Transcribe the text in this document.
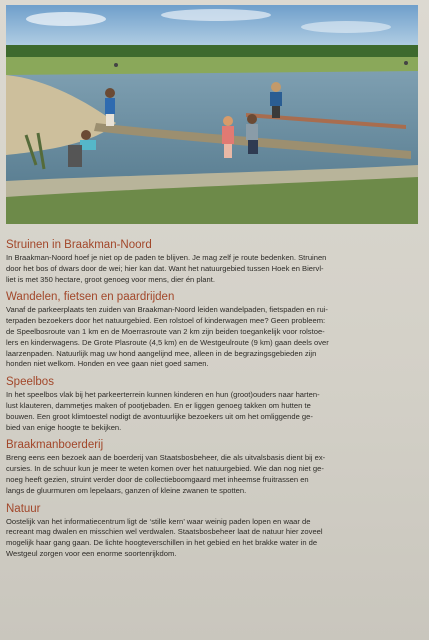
Struinen in Braakman-Noord

In Braakman-Noord hoef je niet op de paden te blijven. Je mag zelf je route bedenken. Struinen
door het bos of dwars door de wei; hier kan dat. Want het natuurgebied tussen Hoek en Biervl-
liet is met 350 hectare, groot genoeg voor mens, dier én plant.

Wandelen, fietsen en paardrijden

Vanaf de parkeerplaats ten zuiden van Braakman-Noord leiden wandelpaden, fietspaden en rui-
terpaden bezoekers door het natuurgebied. Een rolstoel of kinderwagen mee? Geen probleem:
de Speelbosroute van 1 km en de Moerrasroute van 2 km zijn beiden toegankelijk voor rolstoe-
lers en kinderwagens. De Grote Plasroute (4,5 km) en de Westgeulroute (9 km) gaan deels over
laarzenpaden. Natuurlijk mag uw hond aangelijnd mee, alleen in de begrazingsgebieden zijn
honden niet welkom. Honden en vee gaan niet goed samen.

Speelbos

In het speelbos vlak bij het parkeerterrein kunnen kinderen en hun (groot)ouders naar harten-
lust klauteren, dammetjes maken of pootjebaden. En er liggen genoeg takken om hutten te
bouwen. Een groot klimtoestel nodigt de avontuurlijke bezoekers uit om het omliggende ge-
bied van enige hoogte te bekijken.

Braakmanboerderij

Breng eens een bezoek aan de boerderij van Staatsbosbeheer, die als uitvalsbasis dient bij ex-
cursies. In de schuur kun je meer te weten komen over het natuurgebied. Wie dan nog niet ge-
noeg heeft gezien, struint verder door de collectieboomgaard met inheemse fruitrassen en
langs de gluurmuren om lepelaars, ganzen of kleine zwanen te spotten.

Natuur

Oostelijk van het informatiecentrum ligt de ‘stille kern’ waar weinig paden lopen en waar de
recreant mag dwalen en misschien wel verdwalen. Staatsbosbeheer laat de natuur hier zoveel
mogelijk haar gang gaan. De lichte hoogteverschillen in het gebied en het brakke water in de
Westgeul zorgen voor een enorme soortenrijkdom.
